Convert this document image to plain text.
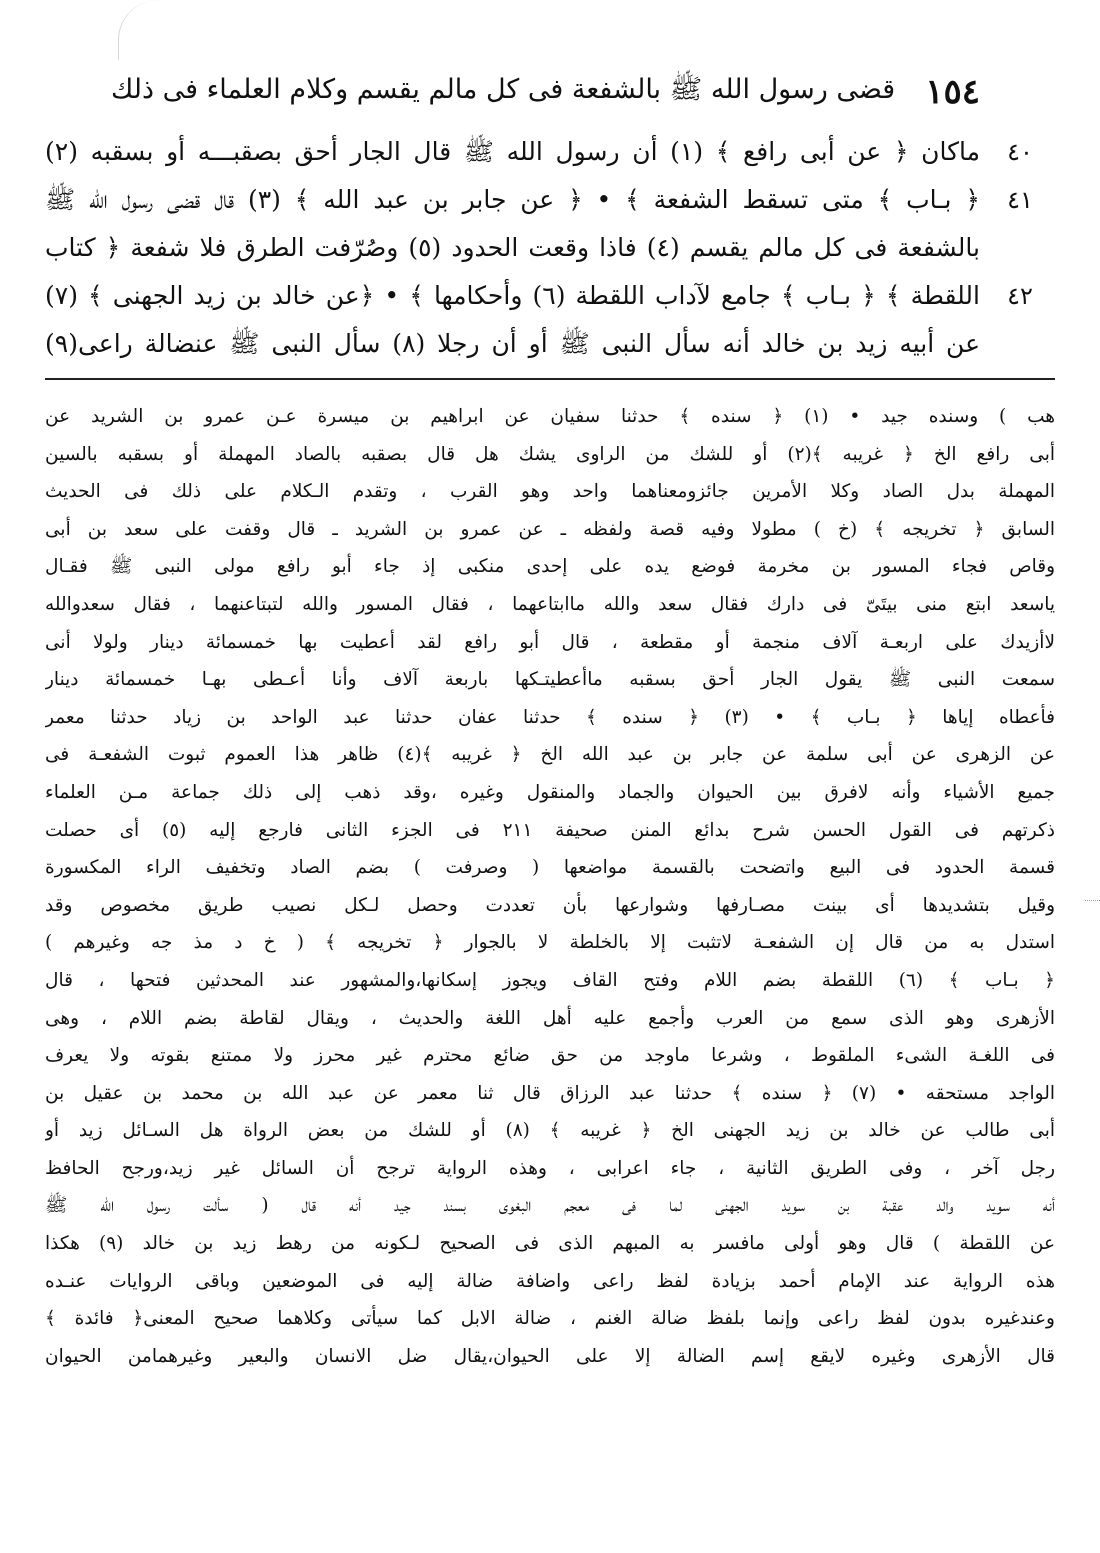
١٥٤
قضى رسول الله ﷺ بالشفعة فى كل مالم يقسم وكلام العلماء فى ذلك
٤٠
ماكان ﴿ عن أبى رافع ﴾ (١) أن رسول الله ﷺ قال الجار أحق بصقبـــه أو بسقبه (٢)
٤١
﴿ بـاب ﴾ متى تسقط الشفعة ﴾ • ﴿ عن جابر بن عبد الله ﴾ (٣) قال قضى رسول الله ﷺ
بالشفعة فى كل مالم يقسم (٤) فاذا وقعت الحدود (٥) وصُرّفت الطرق فلا شفعة ﴿ كتاب
٤٢
اللقطة ﴾ ﴿ بـاب ﴾ جامع لآداب اللقطة (٦) وأحكامها ﴾ • ﴿عن خالد بن زيد الجهنى ﴾ (٧)
عن أبيه زيد بن خالد أنه سأل النبى ﷺ أو أن رجلا (٨) سأل النبى ﷺ عنضالة راعى(٩)
هب ) وسنده جيد • (١) ﴿ سنده ﴾ حدثنا سفيان عن ابراهيم بن ميسرة عـن عمرو بن الشريد عن
أبى رافع الخ ﴿ غريبه ﴾(٢) أو للشك من الراوى يشك هل قال بصقبه بالصاد المهملة أو بسقبه بالسين
المهملة بدل الصاد وكلا الأمرين جائزومعناهما واحد وهو القرب ، وتقدم الـكلام على ذلك فى الحديث
السابق ﴿ تخريجه ﴾ (خ ) مطولا وفيه قصة ولفظه ـ عن عمرو بن الشريد ـ قال وقفت على سعد بن أبى
وقاص فجاء المسور بن مخرمة فوضع يده على إحدى منكبى إذ جاء أبو رافع مولى النبى ﷺ فقـال
ياسعد ابتع منى بيتَىّ فى دارك فقال سعد والله ماابتاعهما ، فقال المسور والله لتبتاعنهما ، فقال سعدوالله
لاأزيدك على اربعـة آلاف منجمة أو مقطعة ، قال أبو رافع لقد أعطيت بها خمسمائة دينار ولولا أنى
سمعت النبى ﷺ يقول الجار أحق بسقبه ماأعطيتـكها باربعة آلاف وأنا أعـطى بهـا خمسمائة دينار
فأعطاه إياها ﴿ بـاب ﴾ • (٣) ﴿ سنده ﴾ حدثنا عفان حدثنا عبد الواحد بن زياد حدثنا معمر
عن الزهرى عن أبى سلمة عن جابر بن عبد الله الخ ﴿ غريبه ﴾(٤) ظاهر هذا العموم ثبوت الشفعـة فى
جميع الأشياء وأنه لافرق بين الحيوان والجماد والمنقول وغيره ،وقد ذهب إلى ذلك جماعة مـن العلماء
ذكرتهم فى القول الحسن شرح بدائع المنن صحيفة ٢١١ فى الجزء الثانى فارجع إليه (٥) أى حصلت
قسمة الحدود فى البيع واتضحت بالقسمة مواضعها ( وصرفت ) بضم الصاد وتخفيف الراء المكسورة
وقيل بتشديدها أى بينت مصـارفها وشوارعها بأن تعددت وحصل لـكل نصيب طريق مخصوص وقد
استدل به من قال إن الشفعـة لاتثبت إلا بالخلطة لا بالجوار ﴿ تخريجه ﴾ ( خ د مذ جه وغيرهم )
﴿ بـاب ﴾ (٦) اللقطة بضم اللام وفتح القاف ويجوز إسكانها،والمشهور عند المحدثين فتحها ، قال
الأزهرى وهو الذى سمع من العرب وأجمع عليه أهل اللغة والحديث ، ويقال لقاطة بضم اللام ، وهى
فى اللغـة الشىء الملقوط ، وشرعا ماوجد من حق ضائع محترم غير محرز ولا ممتنع بقوته ولا يعرف
الواجد مستحقه • (٧) ﴿ سنده ﴾ حدثنا عبد الرزاق قال ثنا معمر عن عبد الله بن محمد بن عقيل بن
أبى طالب عن خالد بن زيد الجهنى الخ ﴿ غريبه ﴾ (٨) أو للشك من بعض الرواة هل السـائل زيد أو
رجل آخر ، وفى الطريق الثانية ، جاء اعرابى ، وهذه الرواية ترجح أن السائل غير زيد،ورجح الحافظ
أنه سويد والد عقبة بن سويد الجهنى لما فى معجم البغوى بسند جيد أنه قال ( سألت رسول الله ﷺ
عن اللقطة ) قال وهو أولى مافسر به المبهم الذى فى الصحيح لـكونه من رهط زيد بن خالد (٩) هكذا
هذه الرواية عند الإمام أحمد بزيادة لفظ راعى واضافة ضالة إليه فى الموضعين وباقى الروايات عنـده
وعندغيره بدون لفظ راعى وإنما بلفظ ضالة الغنم ، ضالة الابل كما سيأتى وكلاهما صحيح المعنى﴿ فائدة ﴾
قال الأزهرى وغيره لايقع إسم الضالة إلا على الحيوان،يقال ضل الانسان والبعير وغيرهمامن الحيوان
